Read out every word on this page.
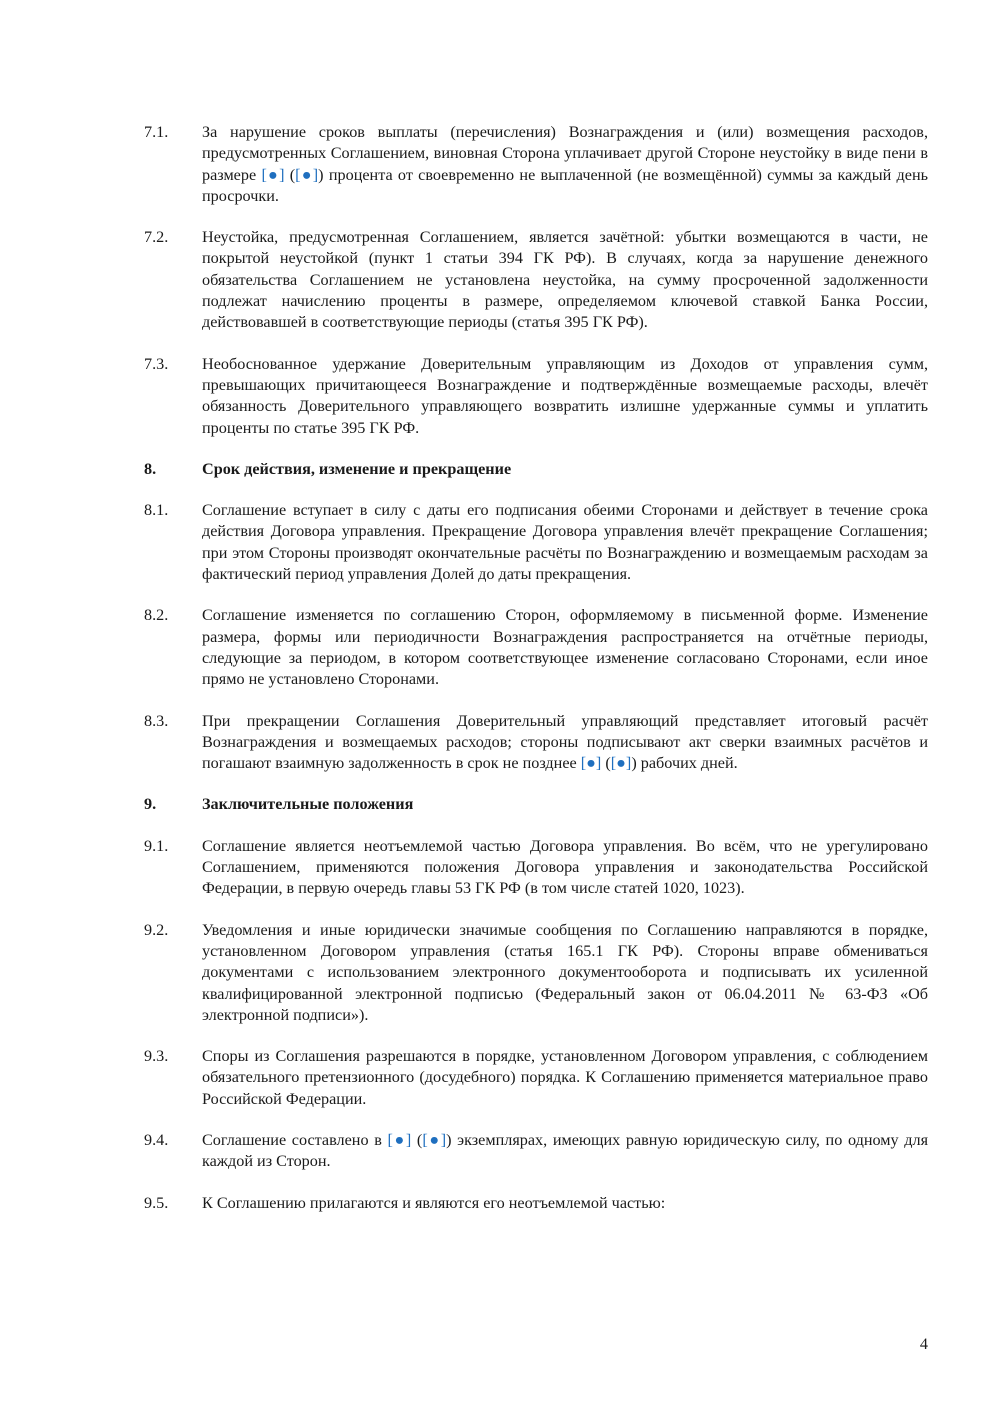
7.1.	За нарушение сроков выплаты (перечисления) Вознаграждения и (или) возмещения расходов, предусмотренных Соглашением, виновная Сторона уплачивает другой Стороне неустойку в виде пени в размере [●] ([●]) процента от своевременно не выплаченной (не возмещённой) суммы за каждый день просрочки.
7.2.	Неустойка, предусмотренная Соглашением, является зачётной: убытки возмещаются в части, не покрытой неустойкой (пункт 1 статьи 394 ГК РФ). В случаях, когда за нарушение денежного обязательства Соглашением не установлена неустойка, на сумму просроченной задолженности подлежат начислению проценты в размере, определяемом ключевой ставкой Банка России, действовавшей в соответствующие периоды (статья 395 ГК РФ).
7.3.	Необоснованное удержание Доверительным управляющим из Доходов от управления сумм, превышающих причитающееся Вознаграждение и подтверждённые возмещаемые расходы, влечёт обязанность Доверительного управляющего возвратить излишне удержанные суммы и уплатить проценты по статье 395 ГК РФ.
8.	Срок действия, изменение и прекращение
8.1.	Соглашение вступает в силу с даты его подписания обеими Сторонами и действует в течение срока действия Договора управления. Прекращение Договора управления влечёт прекращение Соглашения; при этом Стороны производят окончательные расчёты по Вознаграждению и возмещаемым расходам за фактический период управления Долей до даты прекращения.
8.2.	Соглашение изменяется по соглашению Сторон, оформляемому в письменной форме. Изменение размера, формы или периодичности Вознаграждения распространяется на отчётные периоды, следующие за периодом, в котором соответствующее изменение согласовано Сторонами, если иное прямо не установлено Сторонами.
8.3.	При прекращении Соглашения Доверительный управляющий представляет итоговый расчёт Вознаграждения и возмещаемых расходов; стороны подписывают акт сверки взаимных расчётов и погашают взаимную задолженность в срок не позднее [●] ([●]) рабочих дней.
9.	Заключительные положения
9.1.	Соглашение является неотъемлемой частью Договора управления. Во всём, что не урегулировано Соглашением, применяются положения Договора управления и законодательства Российской Федерации, в первую очередь главы 53 ГК РФ (в том числе статей 1020, 1023).
9.2.	Уведомления и иные юридически значимые сообщения по Соглашению направляются в порядке, установленном Договором управления (статья 165.1 ГК РФ). Стороны вправе обмениваться документами с использованием электронного документооборота и подписывать их усиленной квалифицированной электронной подписью (Федеральный закон от 06.04.2011 № 63-ФЗ «Об электронной подписи»).
9.3.	Споры из Соглашения разрешаются в порядке, установленном Договором управления, с соблюдением обязательного претензионного (досудебного) порядка. К Соглашению применяется материальное право Российской Федерации.
9.4.	Соглашение составлено в [●] ([●]) экземплярах, имеющих равную юридическую силу, по одному для каждой из Сторон.
9.5.	К Соглашению прилагаются и являются его неотъемлемой частью:
4
